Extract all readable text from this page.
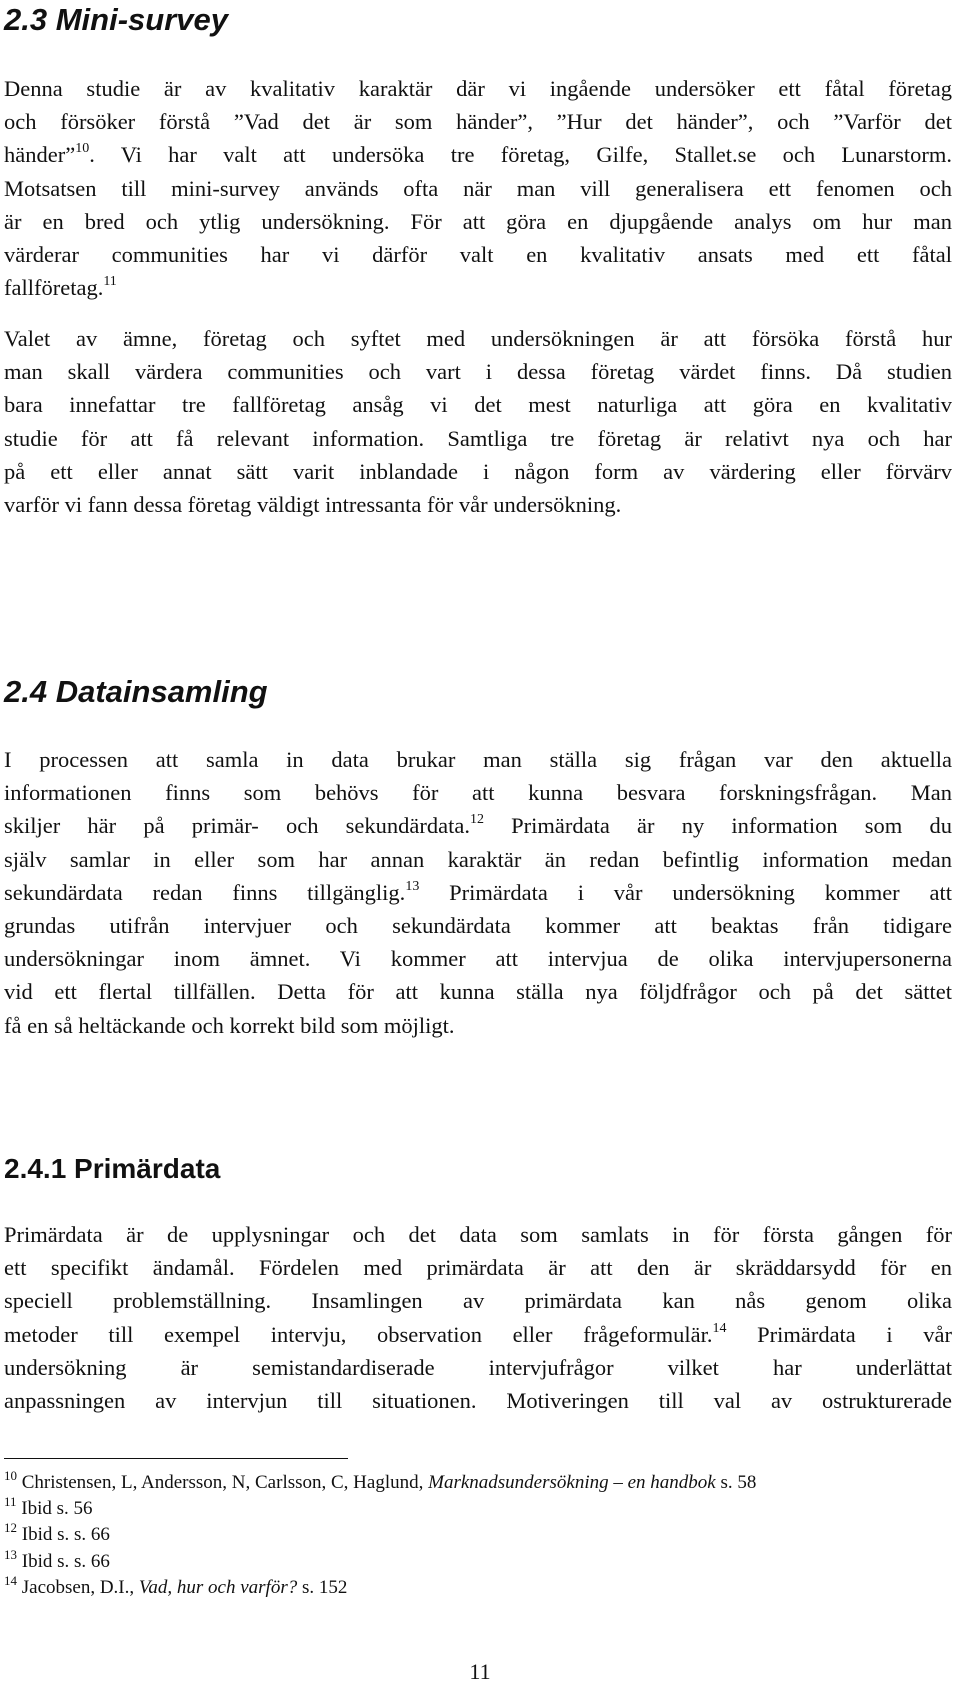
2.3 Mini-survey
Denna studie är av kvalitativ karaktär där vi ingående undersöker ett fåtal företag
och försöker förstå ”Vad det är som händer”, ”Hur det händer”, och ”Varför det
händer”$^{10}$. Vi har valt att undersöka tre företag, Gilfe, Stallet.se och Lunarstorm.
Motsatsen till mini-survey används ofta när man vill generalisera ett fenomen och
är en bred och ytlig undersökning. För att göra en djupgående analys om hur man
värderar communities har vi därför valt en kvalitativ ansats med ett fåtal
fallföretag.$^{11}$
Valet av ämne, företag och syftet med undersökningen är att försöka förstå hur
man skall värdera communities och vart i dessa företag värdet finns. Då studien
bara innefattar tre fallföretag ansåg vi det mest naturliga att göra en kvalitativ
studie för att få relevant information. Samtliga tre företag är relativt nya och har
på ett eller annat sätt varit inblandade i någon form av värdering eller förvärv
varför vi fann dessa företag väldigt intressanta för vår undersökning.
2.4 Datainsamling
I processen att samla in data brukar man ställa sig frågan var den aktuella
informationen finns som behövs för att kunna besvara forskningsfrågan. Man
skiljer här på primär- och sekundärdata.$^{12}$ Primärdata är ny information som du
själv samlar in eller som har annan karaktär än redan befintlig information medan
sekundärdata redan finns tillgänglig.$^{13}$ Primärdata i vår undersökning kommer att
grundas utifrån intervjuer och sekundärdata kommer att beaktas från tidigare
undersökningar inom ämnet. Vi kommer att intervjua de olika intervjupersonerna
vid ett flertal tillfällen. Detta för att kunna ställa nya följdfrågor och på det sättet
få en så heltäckande och korrekt bild som möjligt.
2.4.1 Primärdata
Primärdata är de upplysningar och det data som samlats in för första gången för
ett specifikt ändamål. Fördelen med primärdata är att den är skräddarsydd för en
speciell problemställning. Insamlingen av primärdata kan nås genom olika
metoder till exempel intervju, observation eller frågeformulär.$^{14}$ Primärdata i vår
undersökning är semistandardiserade intervjufrågor vilket har underlättat
anpassningen av intervjun till situationen. Motiveringen till val av ostrukturerade
$^{10}$ Christensen, L, Andersson, N, Carlsson, C, Haglund, Marknadsundersökning – en handbok s. 58
$^{11}$ Ibid s. 56
$^{12}$ Ibid s. s. 66
$^{13}$ Ibid s. s. 66
$^{14}$ Jacobsen, D.I., Vad, hur och varför? s. 152
11
